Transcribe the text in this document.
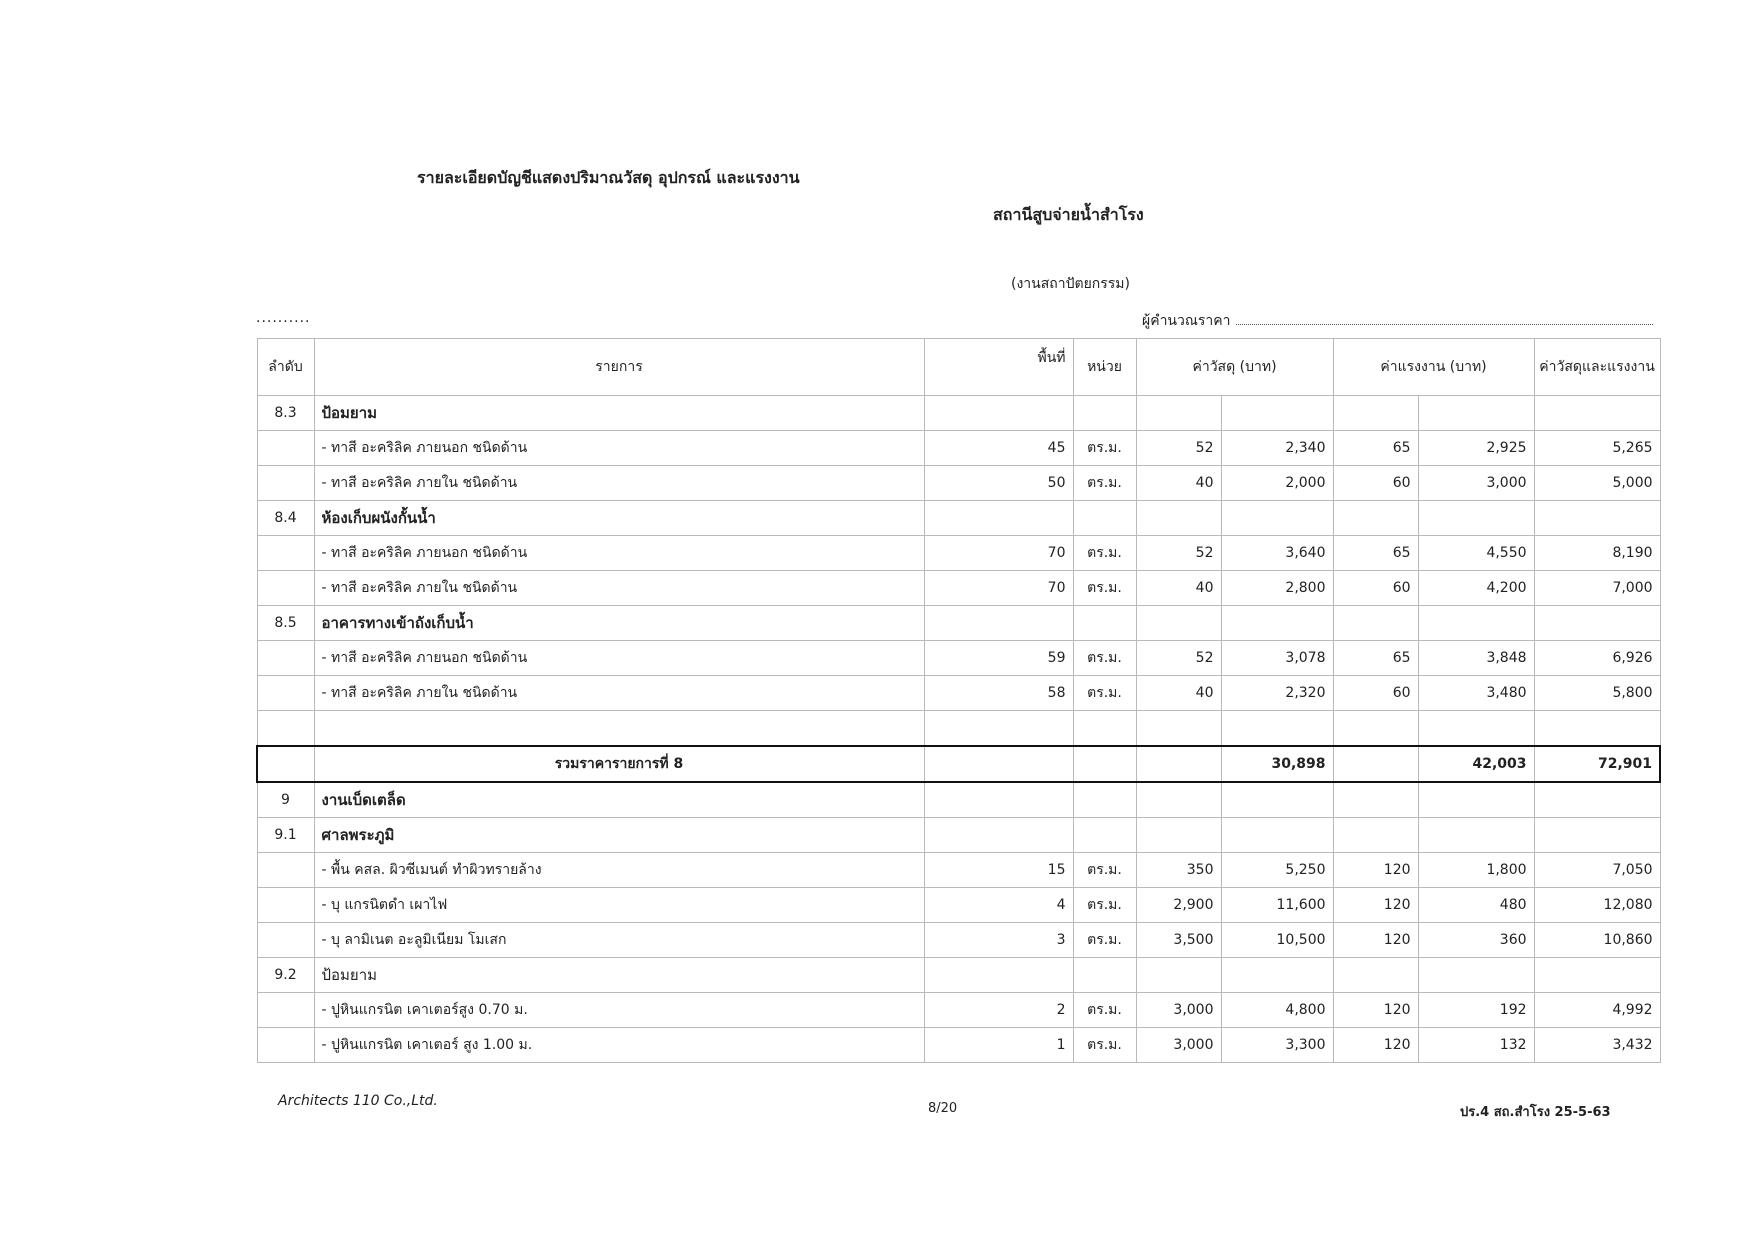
รายละเอียดบัญชีแสดงปริมาณวัสดุ อุปกรณ์ และแรงงาน
สถานีสูบจ่ายน้ำสำโรง
(งานสถาปัตยกรรม)
..........	ผู้คำนวณราคา
ลำดับ	รายการ	พื้นที่	หน่วย	ค่าวัสดุ (บาท)		ค่าแรงงาน (บาท)		ค่าวัสดุและแรงงาน
8.3	ป้อมยาม							
	- ทาสี อะคริลิค ภายนอก ชนิดด้าน	45	ตร.ม.	52	2,340	65	2,925	5,265
	- ทาสี อะคริลิค ภายใน ชนิดด้าน	50	ตร.ม.	40	2,000	60	3,000	5,000
8.4	ห้องเก็บผนังกั้นน้ำ							
	- ทาสี อะคริลิค ภายนอก ชนิดด้าน	70	ตร.ม.	52	3,640	65	4,550	8,190
	- ทาสี อะคริลิค ภายใน ชนิดด้าน	70	ตร.ม.	40	2,800	60	4,200	7,000
8.5	อาคารทางเข้าถังเก็บน้ำ							
	- ทาสี อะคริลิค ภายนอก ชนิดด้าน	59	ตร.ม.	52	3,078	65	3,848	6,926
	- ทาสี อะคริลิค ภายใน ชนิดด้าน	58	ตร.ม.	40	2,320	60	3,480	5,800

	รวมราคารายการที่ 8				30,898		42,003	72,901
9	งานเบ็ดเตล็ด							
9.1	ศาลพระภูมิ							
	- พื้น คสล. ผิวซีเมนต์ ทำผิวทรายล้าง	15	ตร.ม.	350	5,250	120	1,800	7,050
	- บุ แกรนิตดำ เผาไฟ	4	ตร.ม.	2,900	11,600	120	480	12,080
	- บุ ลามิเนต อะลูมิเนียม โมเสก	3	ตร.ม.	3,500	10,500	120	360	10,860
9.2	ป้อมยาม							
	- ปูหินแกรนิต เคาเตอร์สูง 0.70 ม.	2	ตร.ม.	3,000	4,800	120	192	4,992
	- ปูหินแกรนิต เคาเตอร์ สูง 1.00 ม.	1	ตร.ม.	3,000	3,300	120	132	3,432
Architects 110 Co.,Ltd.	8/20	ปร.4 สถ.สำโรง 25-5-63
